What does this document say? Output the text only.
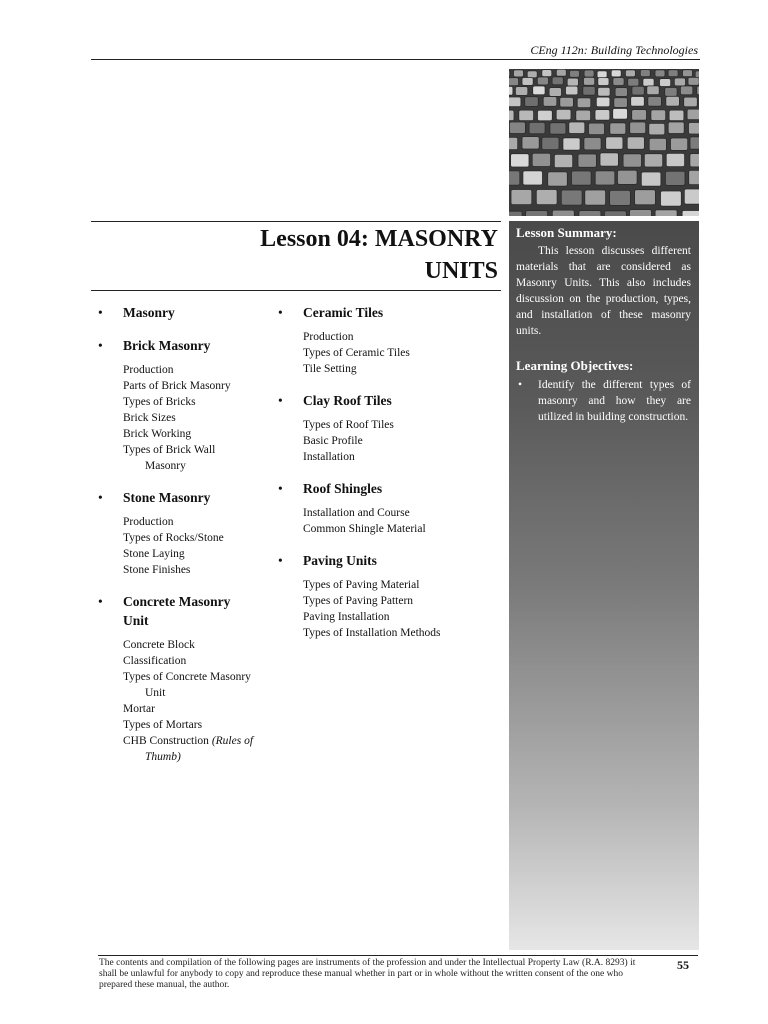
CEng 112n: Building Technologies
Lesson 04: MASONRY
UNITS
• Masonry
• Brick Masonry
Production
Parts of Brick Masonry
Types of Bricks
Brick Sizes
Brick Working
Types of Brick Wall Masonry
• Stone Masonry
Production
Types of Rocks/Stone
Stone Laying
Stone Finishes
• Concrete Masonry Unit
Concrete Block
Classification
Types of Concrete Masonry Unit
Mortar
Types of Mortars
CHB Construction (Rules of Thumb)
• Ceramic Tiles
Production
Types of Ceramic Tiles
Tile Setting
• Clay Roof Tiles
Types of Roof Tiles
Basic Profile
Installation
• Roof Shingles
Installation and Course
Common Shingle Material
• Paving Units
Types of Paving Material
Types of Paving Pattern
Paving Installation
Types of Installation Methods

Lesson Summary:

This lesson discusses different materials that are considered as Masonry Units. This also includes discussion on the production, types, and installation of these masonry units.

Learning Objectives:

• Identify the different types of masonry and how they are utilized in building construction.
The contents and compilation of the following pages are instruments of the profession and under the Intellectual Property Law (R.A. 8293) it shall be unlawful for anybody to copy and reproduce these manual whether in part or in whole without the written consent of the one who prepared these manual, the author.
55
